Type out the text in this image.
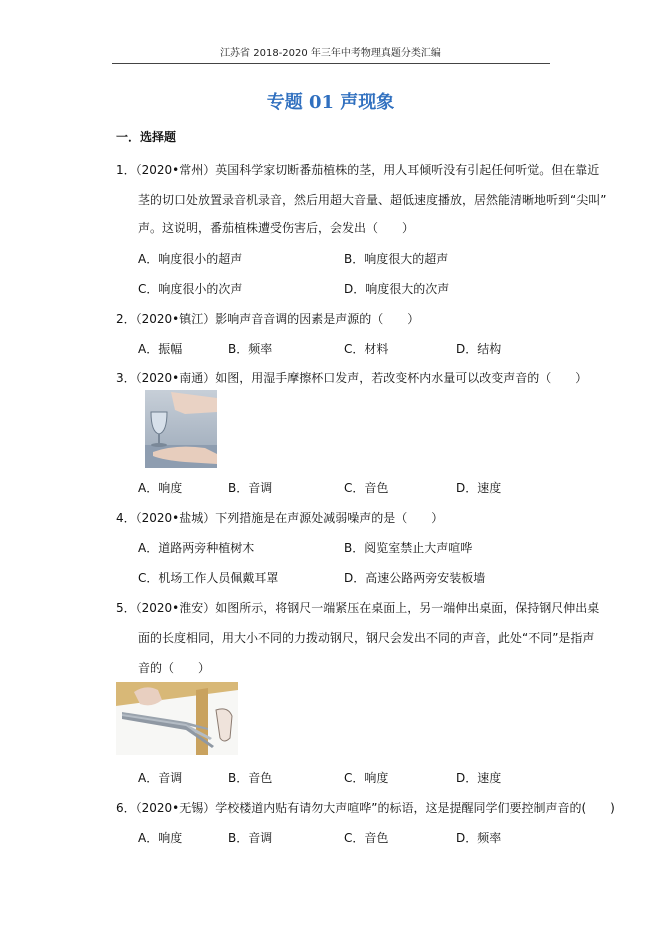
江苏省 2018-2020 年三年中考物理真题分类汇编
专题 01 声现象
一．选择题
1．（2020•常州）英国科学家切断番茄植株的茎，用人耳倾听没有引起任何听觉。但在靠近
茎的切口处放置录音机录音，然后用超大音量、超低速度播放，居然能清晰地听到“尖叫”
声。这说明，番茄植株遭受伤害后，会发出（　　）
A．响度很小的超声	B．响度很大的超声
C．响度很小的次声	D．响度很大的次声
2．（2020•镇江）影响声音音调的因素是声源的（　　）
A．振幅	B．频率	C．材料	D．结构
3．（2020•南通）如图，用湿手摩擦杯口发声，若改变杯内水量可以改变声音的（　　）
A．响度	B．音调	C．音色	D．速度
4．（2020•盐城）下列措施是在声源处减弱噪声的是（　　）
A．道路两旁种植树木	B．阅览室禁止大声喧哗
C．机场工作人员佩戴耳罩	D．高速公路两旁安装板墙
5．（2020•淮安）如图所示，将钢尺一端紧压在桌面上，另一端伸出桌面，保持钢尺伸出桌
面的长度相同，用大小不同的力拨动钢尺，钢尺会发出不同的声音，此处“不同”是指声
音的（　　）
A．音调	B．音色	C．响度	D．速度
6．（2020•无锡）学校楼道内贴有请勿大声喧哗”的标语，这是提醒同学们要控制声音的(　　)
A．响度	B．音调	C．音色	D．频率
